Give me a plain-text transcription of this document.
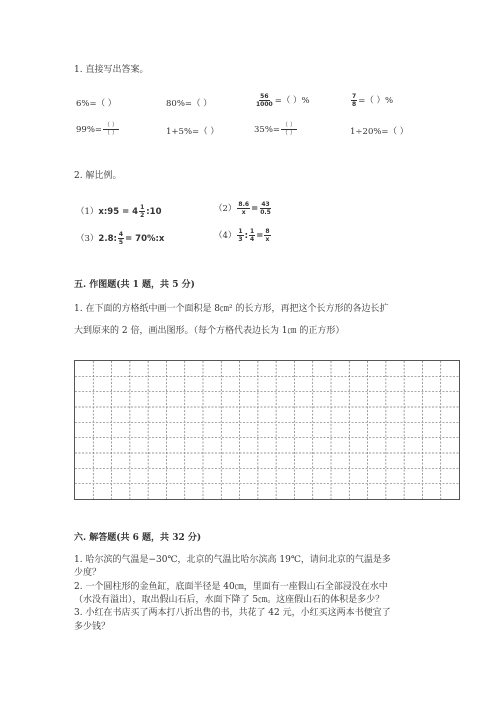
1. 直接写出答案。
6%=（ ）	80%=（ ）	$\frac{56}{1000}$ =（ ）%	$\frac{7}{8}$ =（ ）%
$99\%= \frac{( )}{( )}$	1+5%=（ ）	$35\%= \frac{( )}{( )}$	1÷20%=（ ）
2. 解比例。
（1）x:95 = $4 \frac{1}{2}$ :10	$(2) \frac{8.6}{x} = \frac{43}{0.5}$
（3）2.8: $\frac{4}{5}$ = 70%:x	$(4) \frac{1}{3}$ : $\frac{1}{4} = \frac{8}{x}$
五. 作图题(共 1 题，共 5 分)
1. 在下面的方格纸中画一个面积是 8㎝² 的长方形，再把这个长方形的各边长扩
大到原来的 2 倍，画出图形。（每个方格代表边长为 1㎝ 的正方形）
六. 解答题(共 6 题，共 32 分)
1. 哈尔滨的气温是−30℃，北京的气温比哈尔滨高 19℃，请问北京的气温是多
少度？
2. 一个圆柱形的金鱼缸，底面半径是 40㎝，里面有一座假山石全部浸没在水中
（水没有溢出），取出假山石后，水面下降了 5㎝。这座假山石的体积是多少？
3. 小红在书店买了两本打八折出售的书，共花了 42 元，小红买这两本书便宜了
多少钱？
